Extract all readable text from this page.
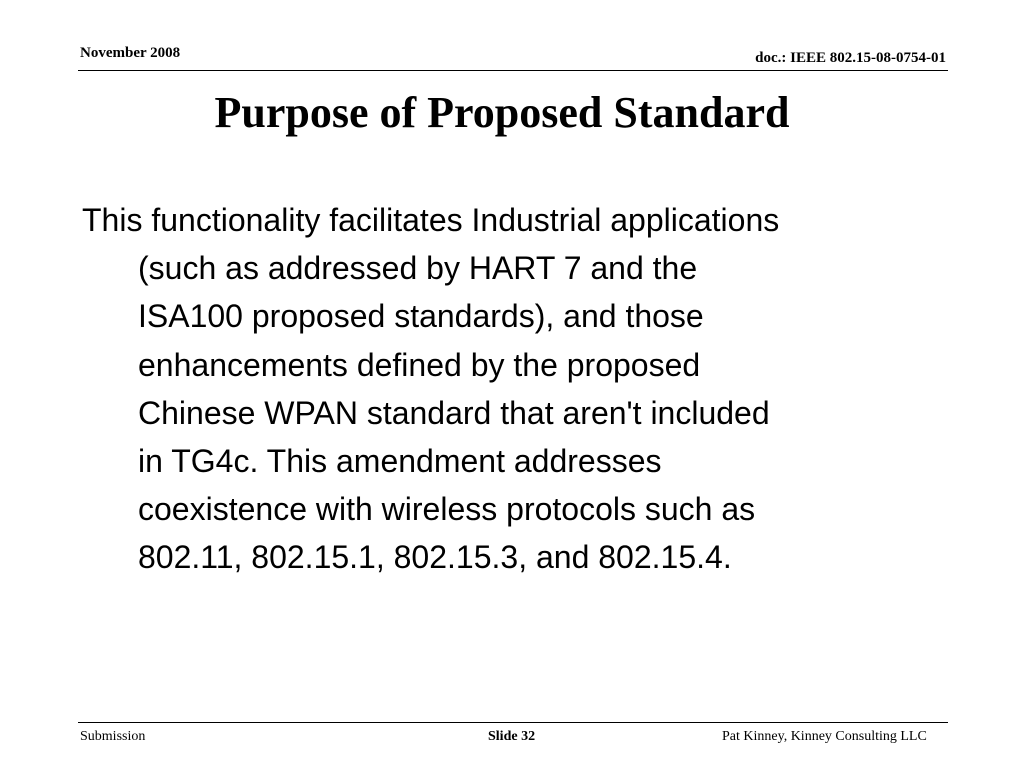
November 2008	doc.: IEEE 802.15-08-0754-01
Purpose of Proposed Standard

This functionality facilitates Industrial applications
(such as addressed by HART 7 and the
ISA100 proposed standards), and those
enhancements defined by the proposed
Chinese WPAN standard that aren't included
in TG4c. This amendment addresses
coexistence with wireless protocols such as
802.11, 802.15.1, 802.15.3, and 802.15.4.

Submission	Slide 32	Pat Kinney, Kinney Consulting LLC
